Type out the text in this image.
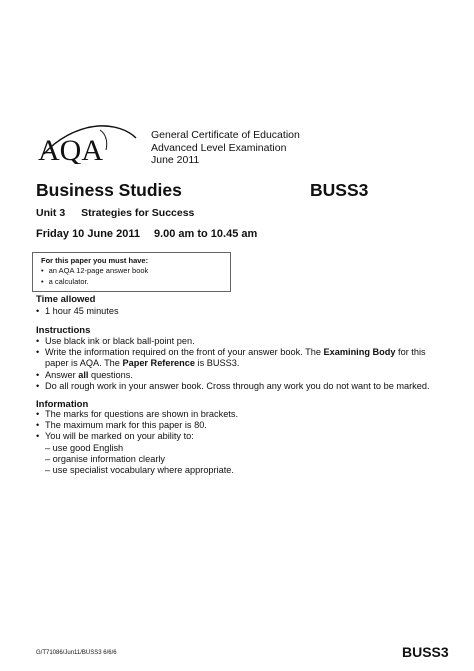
AQA	General Certificate of Education
Advanced Level Examination
June 2011
Business Studies	BUSS3
Unit 3 Strategies for Success
Friday 10 June 2011 9.00 am to 10.45 am
For this paper you must have:
• an AQA 12-page answer book
• a calculator.
Time allowed
• 1 hour 45 minutes
Instructions
• Use black ink or black ball-point pen.
• Write the information required on the front of your answer book. The Examining Body for this paper is AQA. The Paper Reference is BUSS3.
• Answer all questions.
• Do all rough work in your answer book. Cross through any work you do not want to be marked.
Information
• The marks for questions are shown in brackets.
• The maximum mark for this paper is 80.
• You will be marked on your ability to:
– use good English
– organise information clearly
– use specialist vocabulary where appropriate.
G/T71086/Jun11/BUSS3 6/6/6	BUSS3
